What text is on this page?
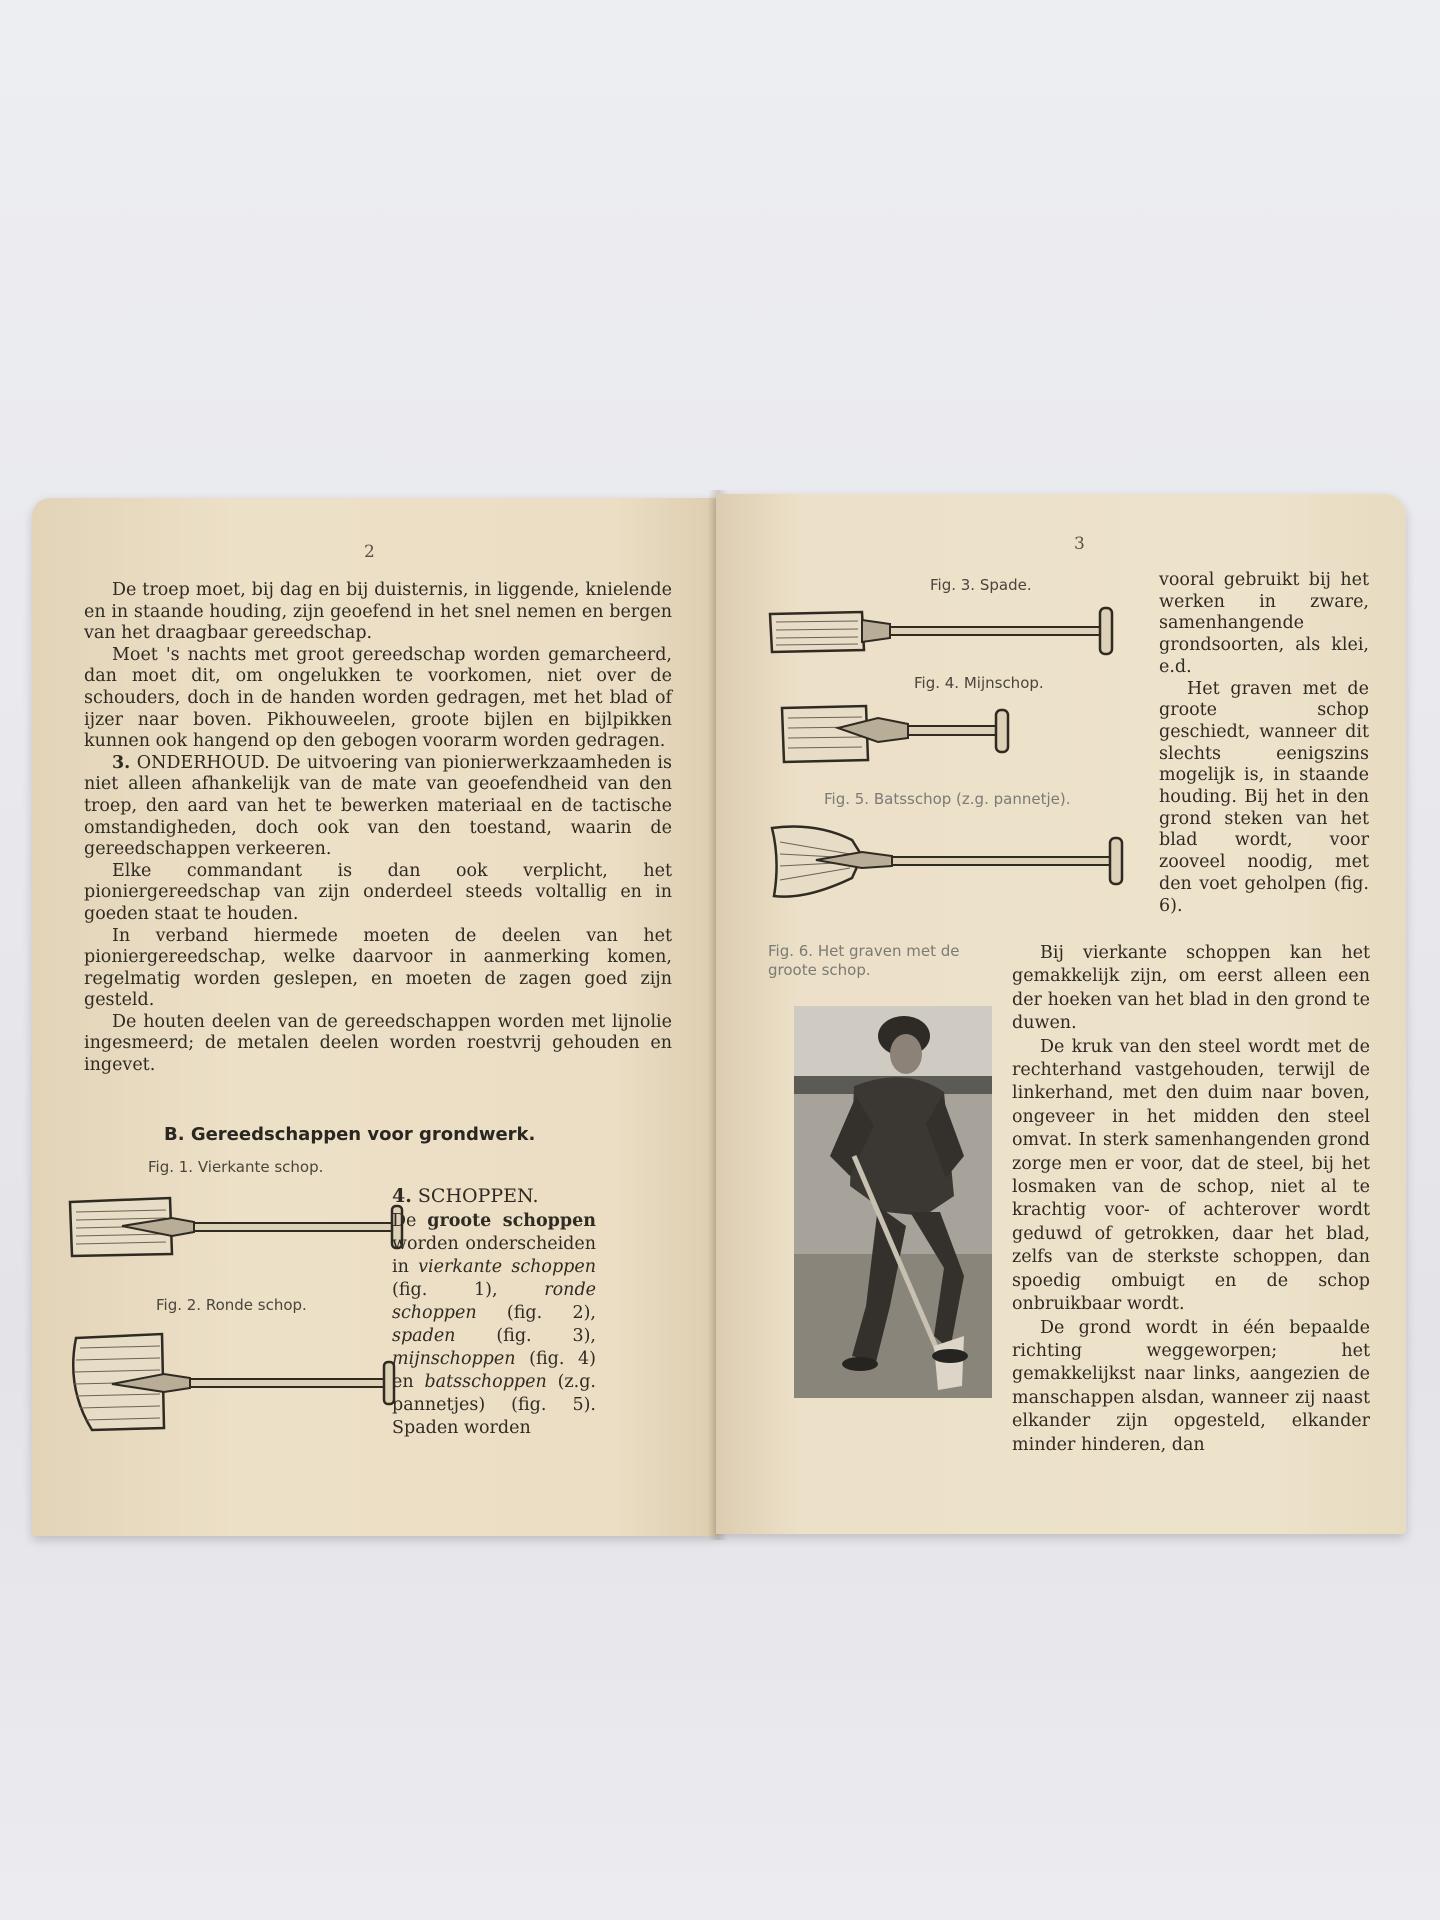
2

De troep moet, bij dag en bij duisternis, in liggende, knielende en in staande houding, zijn geoefend in het snel nemen en bergen van het draagbaar gereedschap.

Moet 's nachts met groot gereedschap worden gemarcheerd, dan moet dit, om ongelukken te voorkomen, niet over de schouders, doch in de handen worden gedragen, met het blad of ijzer naar boven. Pikhouweelen, groote bijlen en bijlpikken kunnen ook hangend op den gebogen voorarm worden gedragen.

3. ONDERHOUD. De uitvoering van pionierwerkzaamheden is niet alleen afhankelijk van de mate van geoefendheid van den troep, den aard van het te bewerken materiaal en de tactische omstandigheden, doch ook van den toestand, waarin de gereedschappen verkeeren.

Elke commandant is dan ook verplicht, het pioniergereedschap van zijn onderdeel steeds voltallig en in goeden staat te houden.

In verband hiermede moeten de deelen van het pioniergereedschap, welke daarvoor in aanmerking komen, regelmatig worden geslepen, en moeten de zagen goed zijn gesteld.

De houten deelen van de gereedschappen worden met lijnolie ingesmeerd; de metalen deelen worden roestvrij gehouden en ingevet.

B. Gereedschappen voor grondwerk.
Fig. 1. Vierkante schop.
Fig. 2. Ronde schop.
4. SCHOPPEN.
De groote schoppen worden onderscheiden in vierkante schoppen (fig. 1),	ronde schoppen (fig. 2), spaden (fig. 3), mijnschoppen (fig. 4) en batsschoppen (z.g. pannetjes) (fig. 5). Spaden worden
3
Fig. 3. Spade.
Fig. 4. Mijnschop.
Fig. 5. Batsschop (z.g. pannetje).
Fig. 6. Het graven met de groote schop.

vooral gebruikt bij het werken in zware, samenhangende grondsoorten, als klei, e.d.

Het graven met de groote schop geschiedt, wanneer dit slechts eenigszins mogelijk is, in staande houding. Bij het in den grond steken van het blad wordt, voor zooveel noodig, met den voet geholpen (fig. 6).

Bij vierkante schoppen kan het gemakkelijk zijn, om eerst alleen een der hoeken van het blad in den grond te duwen.

De kruk van den steel wordt met de rechterhand vastgehouden, terwijl de linkerhand, met den duim naar boven, ongeveer in het midden den steel omvat. In sterk samenhangenden grond zorge men er voor, dat de steel, bij het losmaken van de schop, niet al te krachtig voor- of achterover wordt geduwd of getrokken, daar het blad, zelfs van de sterkste schoppen, dan spoedig ombuigt en de schop onbruikbaar wordt.

De grond wordt in één bepaalde richting weggeworpen; het gemakkelijkst naar links, aangezien de manschappen alsdan, wanneer zij naast elkander zijn opgesteld, elkander minder hinderen, dan
